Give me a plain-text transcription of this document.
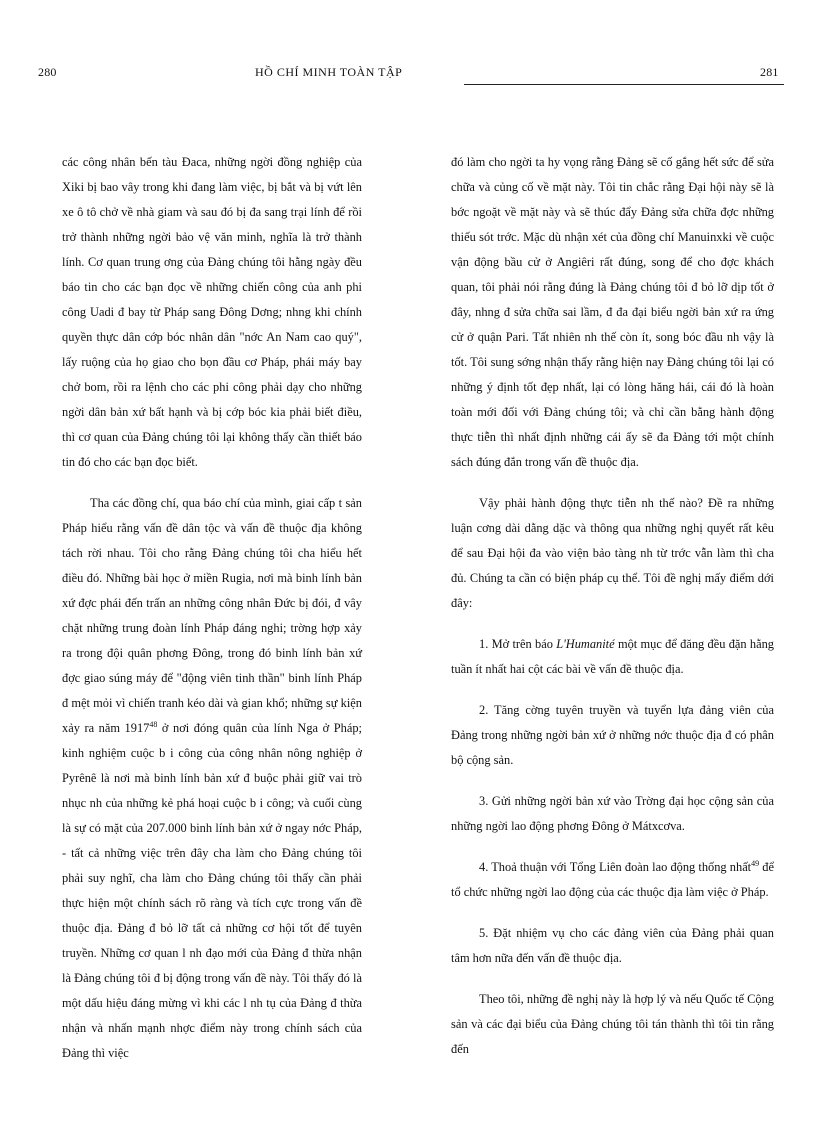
280	HỒ CHÍ MINH TOÀN TẬP

các công nhân bến tàu Đaca, những ngời đồng nghiệp của Xiki bị bao vây trong khi đang làm việc, bị bắt và bị vứt lên xe ô tô chở về nhà giam và sau đó bị đa sang trại lính để rồi trở thành những ngời bảo vệ văn minh, nghĩa là trở thành lính. Cơ quan trung ơng của Đảng chúng tôi hằng ngày đều báo tin cho các bạn đọc về những chiến công của anh phi công Uadi đ bay từ Pháp sang Đông Dơng; nhng khi chính quyền thực dân cớp bóc nhân dân "nớc An Nam cao quý", lấy ruộng của họ giao cho bọn đầu cơ Pháp, phái máy bay chở bom, rồi ra lệnh cho các phi công phải dạy cho những ngời dân bản xứ bất hạnh và bị cớp bóc kia phải biết điều, thì cơ quan của Đảng chúng tôi lại không thấy cần thiết báo tin đó cho các bạn đọc biết.

Tha các đồng chí, qua báo chí của mình, giai cấp t sản Pháp hiểu rằng vấn đề dân tộc và vấn đề thuộc địa không tách rời nhau. Tôi cho rằng Đảng chúng tôi cha hiểu hết điều đó. Những bài học ở miền Rugia, nơi mà binh lính bản xứ đợc phái đến trấn an những công nhân Đức bị đói, đ vây chặt những trung đoàn lính Pháp đáng nghi; trờng hợp xảy ra trong đội quân phơng Đông, trong đó binh lính bản xứ đợc giao súng máy để "động viên tinh thần" binh lính Pháp đ mệt mỏi vì chiến tranh kéo dài và gian khổ; những sự kiện xảy ra năm 1917$^{48}$ ở nơi đóng quân của lính Nga ở Pháp; kinh nghiệm cuộc b i công của công nhân nông nghiệp ở Pyrênê là nơi mà binh lính bản xứ đ buộc phải giữ vai trò nhục nh của những kẻ phá hoại cuộc b i công; và cuối cùng là sự có mặt của 207.000 binh lính bản xứ ở ngay nớc Pháp, - tất cả những việc trên đây cha làm cho Đảng chúng tôi phải suy nghĩ, cha làm cho Đảng chúng tôi thấy cần phải thực hiện một chính sách rõ ràng và tích cực trong vấn đề thuộc địa. Đảng đ bỏ lỡ tất cả những cơ hội tốt để tuyên truyền. Những cơ quan l nh đạo mới của Đảng đ thừa nhận là Đảng chúng tôi đ bị động trong vấn đề này. Tôi thấy đó là một dấu hiệu đáng mừng vì khi các l nh tụ của Đảng đ thừa nhận và nhấn mạnh nhợc điểm này trong chính sách của Đảng thì việc

281

đó làm cho ngời ta hy vọng rằng Đảng sẽ cố gắng hết sức để sửa chữa và củng cố về mặt này. Tôi tin chắc rằng Đại hội này sẽ là bớc ngoặt về mặt này và sẽ thúc đẩy Đảng sửa chữa đợc những thiếu sót trớc. Mặc dù nhận xét của đồng chí Manuinxki về cuộc vận động bầu cử ở Angiêri rất đúng, song để cho đợc khách quan, tôi phải nói rằng đúng là Đảng chúng tôi đ bỏ lỡ dịp tốt ở đây, nhng đ sửa chữa sai lầm, đ đa đại biểu ngời bản xứ ra ứng cử ở quận Pari. Tất nhiên nh thế còn ít, song bóc đầu nh vậy là tốt. Tôi sung sớng nhận thấy rằng hiện nay Đảng chúng tôi lại có những ý định tốt đẹp nhất, lại có lòng hăng hái, cái đó là hoàn toàn mới đối với Đảng chúng tôi; và chỉ cần bằng hành động thực tiễn thì nhất định những cái ấy sẽ đa Đảng tới một chính sách đúng đắn trong vấn đề thuộc địa.

Vậy phải hành động thực tiễn nh thế nào? Đề ra những luận cơng dài dằng dặc và thông qua những nghị quyết rất kêu để sau Đại hội đa vào viện bảo tàng nh từ trớc vẫn làm thì cha đủ. Chúng ta cần có biện pháp cụ thể. Tôi đề nghị mấy điểm dới đây:

1. Mở trên báo L'Humanité một mục để đăng đều đặn hằng tuần ít nhất hai cột các bài về vấn đề thuộc địa.

2. Tăng cờng tuyên truyền và tuyển lựa đảng viên của Đảng trong những ngời bản xứ ở những nớc thuộc địa đ có phân bộ cộng sản.

3. Gửi những ngời bản xứ vào Trờng đại học cộng sản của những ngời lao động phơng Đông ở Mátxcơva.

4. Thoả thuận với Tổng Liên đoàn lao động thống nhất$^{49}$ để tổ chức những ngời lao động của các thuộc địa làm việc ở Pháp.

5. Đặt nhiệm vụ cho các đảng viên của Đảng phải quan tâm hơn nữa đến vấn đề thuộc địa.

Theo tôi, những đề nghị này là hợp lý và nếu Quốc tế Cộng sản và các đại biểu của Đảng chúng tôi tán thành thì tôi tin rằng đến
